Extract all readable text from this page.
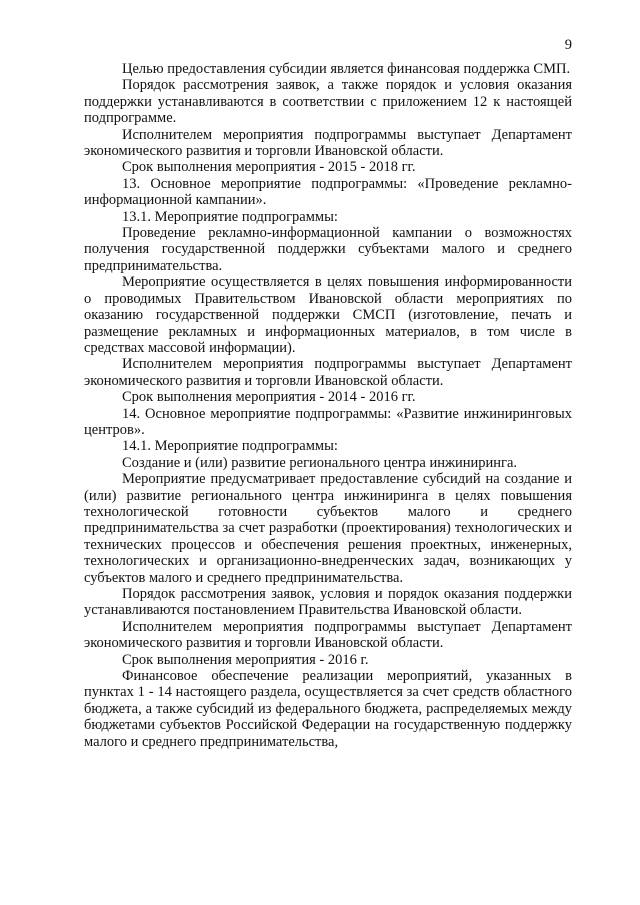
9

Целью предоставления субсидии является финансовая поддержка СМП.

Порядок рассмотрения заявок, а также порядок и условия оказания поддержки устанавливаются в соответствии с приложением 12 к настоящей подпрограмме.

Исполнителем мероприятия подпрограммы выступает Департамент экономического развития и торговли Ивановской области.

Срок выполнения мероприятия - 2015 - 2018 гг.

13. Основное мероприятие подпрограммы: «Проведение рекламно-информационной кампании».

13.1. Мероприятие подпрограммы:

Проведение рекламно-информационной кампании о возможностях получения государственной поддержки субъектами малого и среднего предпринимательства.

Мероприятие осуществляется в целях повышения информированности о проводимых Правительством Ивановской области мероприятиях по оказанию государственной поддержки СМСП (изготовление, печать и размещение рекламных и информационных материалов, в том числе в средствах массовой информации).

Исполнителем мероприятия подпрограммы выступает Департамент экономического развития и торговли Ивановской области.

Срок выполнения мероприятия - 2014 - 2016 гг.

14. Основное мероприятие подпрограммы: «Развитие инжиниринговых центров».

14.1. Мероприятие подпрограммы:

Создание и (или) развитие регионального центра инжиниринга.

Мероприятие предусматривает предоставление субсидий на создание и (или) развитие регионального центра инжиниринга в целях повышения технологической готовности субъектов малого и среднего предпринимательства за счет разработки (проектирования) технологических и технических процессов и обеспечения решения проектных, инженерных, технологических и организационно-внедренческих задач, возникающих у субъектов малого и среднего предпринимательства.

Порядок рассмотрения заявок, условия и порядок оказания поддержки устанавливаются постановлением Правительства Ивановской области.

Исполнителем мероприятия подпрограммы выступает Департамент экономического развития и торговли Ивановской области.

Срок выполнения мероприятия - 2016 г.

Финансовое обеспечение реализации мероприятий, указанных в пунктах 1 - 14 настоящего раздела, осуществляется за счет средств областного бюджета, а также субсидий из федерального бюджета, распределяемых между бюджетами субъектов Российской Федерации на государственную поддержку малого и среднего предпринимательства,
